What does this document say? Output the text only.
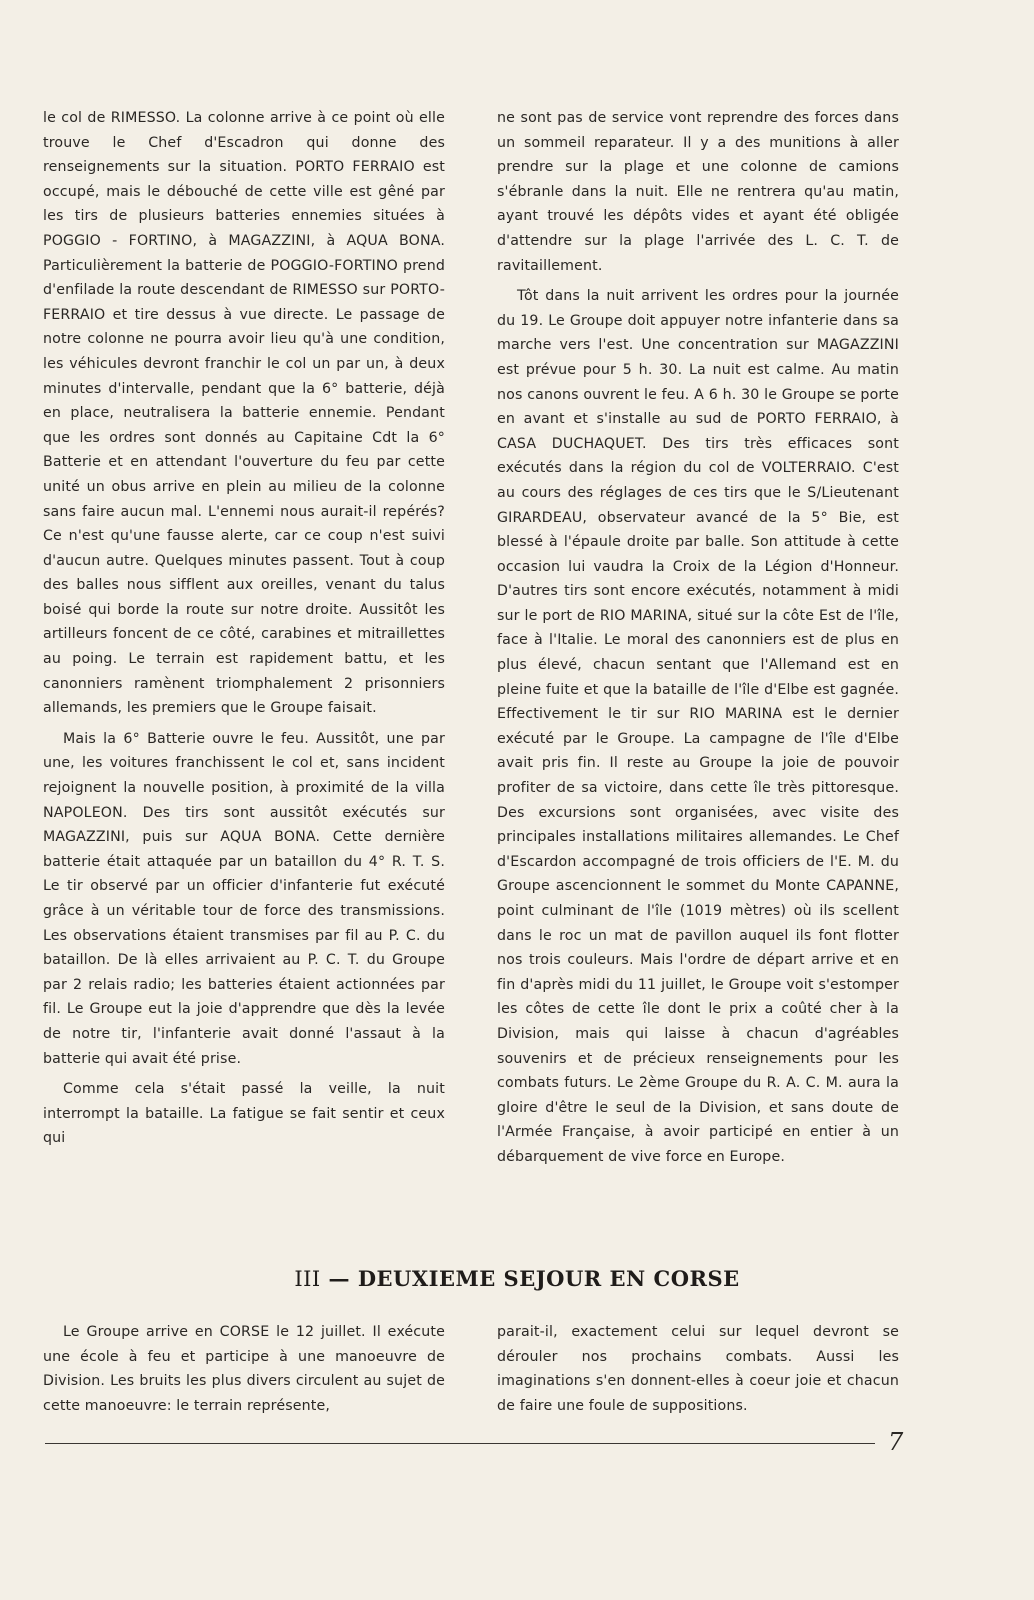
le col de RIMESSO. La colonne arrive à ce point où elle trouve le Chef d'Escadron qui donne des renseignements sur la situation. PORTO FERRAIO est occupé, mais le débouché de cette ville est gêné par les tirs de plusieurs batteries ennemies situées à POGGIO - FORTINO, à MAGAZZINI, à AQUA BONA. Particulièrement la batterie de POGGIO-FORTINO prend d'enfilade la route descendant de RIMESSO sur PORTO-FERRAIO et tire dessus à vue directe. Le passage de notre colonne ne pourra avoir lieu qu'à une condition, les véhicules devront franchir le col un par un, à deux minutes d'intervalle, pendant que la 6° batterie, déjà en place, neutralisera la batterie ennemie. Pendant que les ordres sont donnés au Capitaine Cdt la 6° Batterie et en attendant l'ouverture du feu par cette unité un obus arrive en plein au milieu de la colonne sans faire aucun mal. L'ennemi nous aurait-il repérés? Ce n'est qu'une fausse alerte, car ce coup n'est suivi d'aucun autre. Quelques minutes passent. Tout à coup des balles nous sifflent aux oreilles, venant du talus boisé qui borde la route sur notre droite. Aussitôt les artilleurs foncent de ce côté, carabines et mitraillettes au poing. Le terrain est rapidement battu, et les canonniers ramènent triomphalement 2 prisonniers allemands, les premiers que le Groupe faisait.

Mais la 6° Batterie ouvre le feu. Aussitôt, une par une, les voitures franchissent le col et, sans incident rejoignent la nouvelle position, à proximité de la villa NAPOLEON. Des tirs sont aussitôt exécutés sur MAGAZZINI, puis sur AQUA BONA. Cette dernière batterie était attaquée par un bataillon du 4° R. T. S. Le tir observé par un officier d'infanterie fut exécuté grâce à un véritable tour de force des transmissions. Les observations étaient transmises par fil au P. C. du bataillon. De là elles arrivaient au P. C. T. du Groupe par 2 relais radio; les batteries étaient actionnées par fil. Le Groupe eut la joie d'apprendre que dès la levée de notre tir, l'infanterie avait donné l'assaut à la batterie qui avait été prise.

Comme cela s'était passé la veille, la nuit interrompt la bataille. La fatigue se fait sentir et ceux qui

ne sont pas de service vont reprendre des forces dans un sommeil reparateur. Il y a des munitions à aller prendre sur la plage et une colonne de camions s'ébranle dans la nuit. Elle ne rentrera qu'au matin, ayant trouvé les dépôts vides et ayant été obligée d'attendre sur la plage l'arrivée des L. C. T. de ravitaillement.

Tôt dans la nuit arrivent les ordres pour la journée du 19. Le Groupe doit appuyer notre infanterie dans sa marche vers l'est. Une concentration sur MAGAZZINI est prévue pour 5 h. 30. La nuit est calme. Au matin nos canons ouvrent le feu. A 6 h. 30 le Groupe se porte en avant et s'installe au sud de PORTO FERRAIO, à CASA DUCHAQUET. Des tirs très efficaces sont exécutés dans la région du col de VOLTERRAIO. C'est au cours des réglages de ces tirs que le S/Lieutenant GIRARDEAU, observateur avancé de la 5° Bie, est blessé à l'épaule droite par balle. Son attitude à cette occasion lui vaudra la Croix de la Légion d'Honneur. D'autres tirs sont encore exécutés, notamment à midi sur le port de RIO MARINA, situé sur la côte Est de l'île, face à l'Italie. Le moral des canonniers est de plus en plus élevé, chacun sentant que l'Allemand est en pleine fuite et que la bataille de l'île d'Elbe est gagnée. Effectivement le tir sur RIO MARINA est le dernier exécuté par le Groupe. La campagne de l'île d'Elbe avait pris fin. Il reste au Groupe la joie de pouvoir profiter de sa victoire, dans cette île très pittoresque. Des excursions sont organisées, avec visite des principales installations militaires allemandes. Le Chef d'Escardon accompagné de trois officiers de l'E. M. du Groupe ascencionnent le sommet du Monte CAPANNE, point culminant de l'île (1019 mètres) où ils scellent dans le roc un mat de pavillon auquel ils font flotter nos trois couleurs. Mais l'ordre de départ arrive et en fin d'après midi du 11 juillet, le Groupe voit s'estomper les côtes de cette île dont le prix a coûté cher à la Division, mais qui laisse à chacun d'agréables souvenirs et de précieux renseignements pour les combats futurs. Le 2ème Groupe du R. A. C. M. aura la gloire d'être le seul de la Division, et sans doute de l'Armée Française, à avoir participé en entier à un débarquement de vive force en Europe.

III — DEUXIEME SEJOUR EN CORSE

Le Groupe arrive en CORSE le 12 juillet. Il exécute une école à feu et participe à une manoeuvre de Division. Les bruits les plus divers circulent au sujet de cette manoeuvre: le terrain représente,

parait-il, exactement celui sur lequel devront se dérouler nos prochains combats. Aussi les imaginations s'en donnent-elles à coeur joie et chacun de faire une foule de suppositions.

7
